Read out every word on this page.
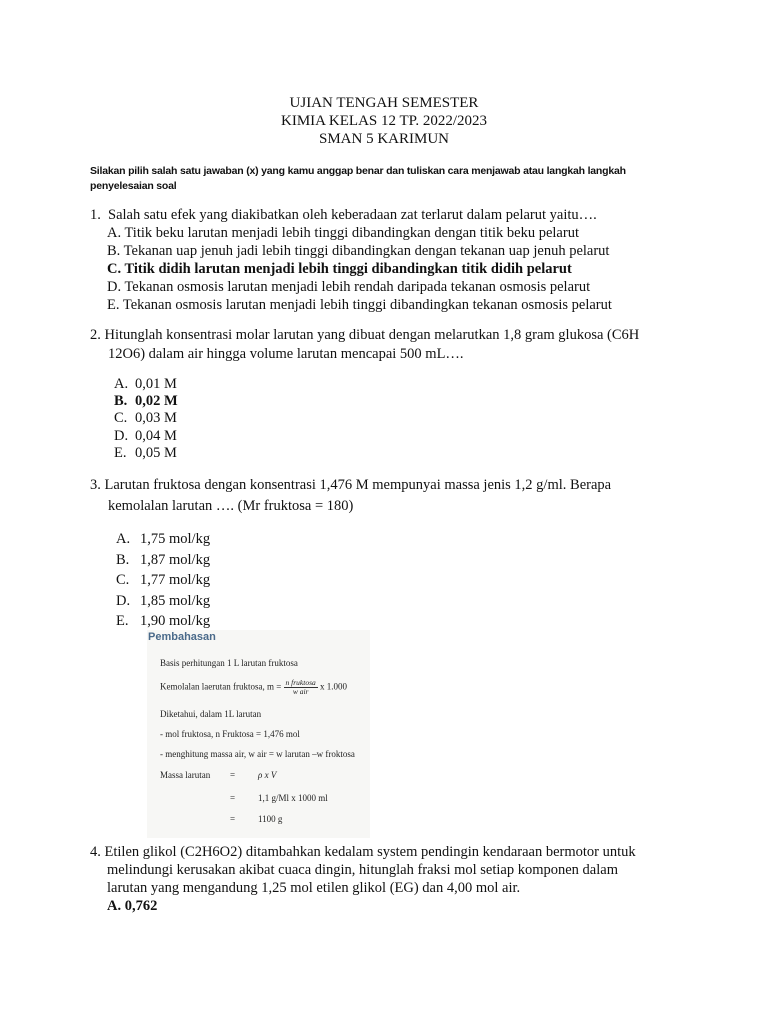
UJIAN TENGAH SEMESTER
KIMIA KELAS 12 TP. 2022/2023
SMAN 5 KARIMUN
Silakan pilih salah satu jawaban (x) yang kamu anggap benar dan tuliskan cara menjawab atau langkah langkah penyelesaian soal
1. Salah satu efek yang diakibatkan oleh keberadaan zat terlarut dalam pelarut yaitu….
A. Titik beku larutan menjadi lebih tinggi dibandingkan dengan titik beku pelarut
B. Tekanan uap jenuh jadi lebih tinggi dibandingkan dengan tekanan uap jenuh pelarut
C. Titik didih larutan menjadi lebih tinggi dibandingkan titik didih pelarut
D. Tekanan osmosis larutan menjadi lebih rendah daripada tekanan osmosis pelarut
E. Tekanan osmosis larutan menjadi lebih tinggi dibandingkan tekanan osmosis pelarut
2. Hitunglah konsentrasi molar larutan yang dibuat dengan melarutkan 1,8 gram glukosa (C6H
12O6) dalam air hingga volume larutan mencapai 500 mL….
A. 0,01 M
B. 0,02 M
C. 0,03 M
D. 0,04 M
E. 0,05 M
3. Larutan fruktosa dengan konsentrasi 1,476 M mempunyai massa jenis 1,2 g/ml. Berapa
kemolalan larutan …. (Mr fruktosa = 180)
A. 1,75 mol/kg
B. 1,87 mol/kg
C. 1,77 mol/kg
D. 1,85 mol/kg
E. 1,90 mol/kg
Pembahasan
Basis perhitungan 1 L larutan fruktosa
Kemolalan laerutan fruktosa, $m = \frac{\text{n fruktosa}}{\text{w air}}$ x 1.000
Diketahui, dalam 1L larutan
- mol fruktosa, n Fruktosa = 1,476 mol
- menghitung massa air, w air = w larutan –w froktosa
Massa larutan =	ρ x V
=	1,1 g/Ml x 1000 ml
=	1100 g
4. Etilen glikol (C2H6O2) ditambahkan kedalam system pendingin kendaraan bermotor untuk
melindungi kerusakan akibat cuaca dingin, hitunglah fraksi mol setiap komponen dalam
larutan yang mengandung 1,25 mol etilen glikol (EG) dan 4,00 mol air.
A. 0,762
